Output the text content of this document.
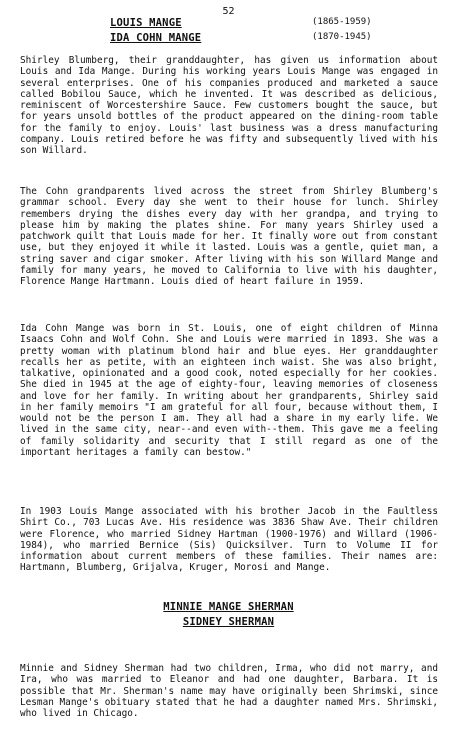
52
LOUIS MANGE	(1865-1959)
IDA COHN MANGE	(1870-1945)

Shirley Blumberg, their granddaughter, has given us information about Louis and Ida Mange. During his working years Louis Mange was engaged in several enterprises. One of his companies produced and marketed a sauce called Bobilou Sauce, which he invented. It was described as delicious, reminiscent of Worcestershire Sauce. Few customers bought the sauce, but for years unsold bottles of the product appeared on the dining-room table for the family to enjoy. Louis' last business was a dress manufacturing company. Louis retired before he was fifty and subsequently lived with his son Willard.

The Cohn grandparents lived across the street from Shirley Blumberg's grammar school. Every day she went to their house for lunch. Shirley remembers drying the dishes every day with her grandpa, and trying to please him by making the plates shine. For many years Shirley used a patchwork quilt that Louis made for her. It finally wore out from constant use, but they enjoyed it while it lasted. Louis was a gentle, quiet man, a string saver and cigar smoker. After living with his son Willard Mange and family for many years, he moved to California to live with his daughter, Florence Mange Hartmann. Louis died of heart failure in 1959.

Ida Cohn Mange was born in St. Louis, one of eight children of Minna Isaacs Cohn and Wolf Cohn. She and Louis were married in 1893. She was a pretty woman with platinum blond hair and blue eyes. Her granddaughter recalls her as petite, with an eighteen inch waist. She was also bright, talkative, opinionated and a good cook, noted especially for her cookies. She died in 1945 at the age of eighty-four, leaving memories of closeness and love for her family. In writing about her grandparents, Shirley said in her family memoirs "I am grateful for all four, because without them, I would not be the person I am. They all had a share in my early life. We lived in the same city, near--and even with--them. This gave me a feeling of family solidarity and security that I still regard as one of the important heritages a family can bestow."

In 1903 Louis Mange associated with his brother Jacob in the Faultless Shirt Co., 703 Lucas Ave. His residence was 3836 Shaw Ave. Their children were Florence, who married Sidney Hartman (1900-1976) and Willard (1906-1984), who married Bernice (Sis) Quicksilver. Turn to Volume II for information about current members of these families. Their names are: Hartmann, Blumberg, Grijalva, Kruger, Morosi and Mange.

MINNIE MANGE SHERMAN
SIDNEY SHERMAN

Minnie and Sidney Sherman had two children, Irma, who did not marry, and Ira, who was married to Eleanor and had one daughter, Barbara. It is possible that Mr. Sherman's name may have originally been Shrimski, since Lesman Mange's obituary stated that he had a daughter named Mrs. Shrimski, who lived in Chicago.
